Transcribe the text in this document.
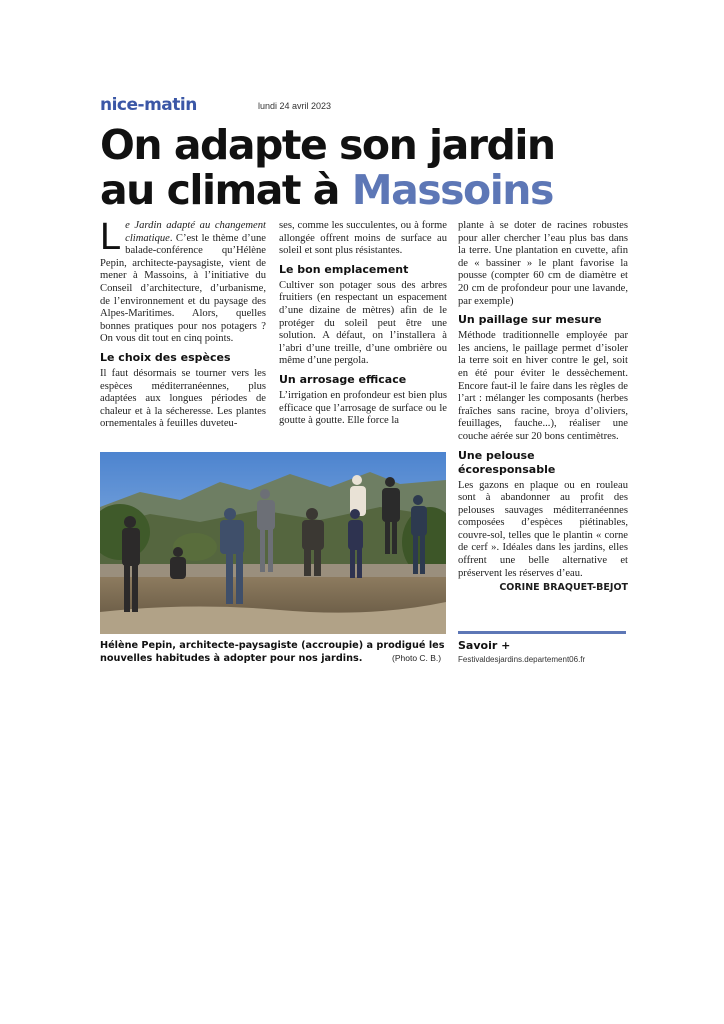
nice-matin	lundi 24 avril 2023
On adapte son jardin
au climat à Massoins

Le Jardin adapté au changement climatique. C’est le thème d’une balade-conférence qu’Hélène Pepin, architecte-paysagiste, vient de mener à Massoins, à l’initiative du Conseil d’architecture, d’urbanisme, de l’environnement et du paysage des Alpes-Maritimes. Alors, quelles bonnes pratiques pour nos potagers ? On vous dit tout en cinq points.

Le choix des espèces

Il faut désormais se tourner vers les espèces méditerranéennes, plus adaptées aux longues périodes de chaleur et à la sécheresse. Les plantes ornementales à feuilles duveteu-

ses, comme les succulentes, ou à forme allongée offrent moins de surface au soleil et sont plus résistantes.

Le bon emplacement

Cultiver son potager sous des arbres fruitiers (en respectant un espacement d’une dizaine de mètres) afin de le protéger du soleil peut être une solution. A défaut, on l’installera à l’abri d’une treille, d’une ombrière ou même d’une pergola.

Un arrosage efficace

L’irrigation en profondeur est bien plus efficace que l’arrosage de surface ou le goutte à goutte. Elle force la

plante à se doter de racines robustes pour aller chercher l’eau plus bas dans la terre. Une plantation en cuvette, afin de « bassiner » le plant favorise la pousse (compter 60 cm de diamètre et 20 cm de profondeur pour une lavande, par exemple)

Un paillage sur mesure

Méthode traditionnelle employée par les anciens, le paillage permet d’isoler la terre soit en hiver contre le gel, soit en été pour éviter le dessèchement. Encore faut-il le faire dans les règles de l’art : mélanger les composants (herbes fraîches sans racine, broya d’oliviers, feuillages, fauche...), réaliser une couche aérée sur 20 bons centimètres.

Une pelouse
écoresponsable

Les gazons en plaque ou en rouleau sont à abandonner au profit des pelouses sauvages méditerranéennes composées d’espèces piétinables, couvre-sol, telles que le plantin « corne de cerf ». Idéales dans les jardins, elles offrent une belle alternative et préservent les réserves d’eau.

CORINE BRAQUET-BEJOT

Hélène Pepin, architecte-paysagiste (accroupie) a prodigué les nouvelles habitudes à adopter pour nos jardins.	(Photo C. B.)
Savoir +
Festivaldesjardins.departement06.fr
